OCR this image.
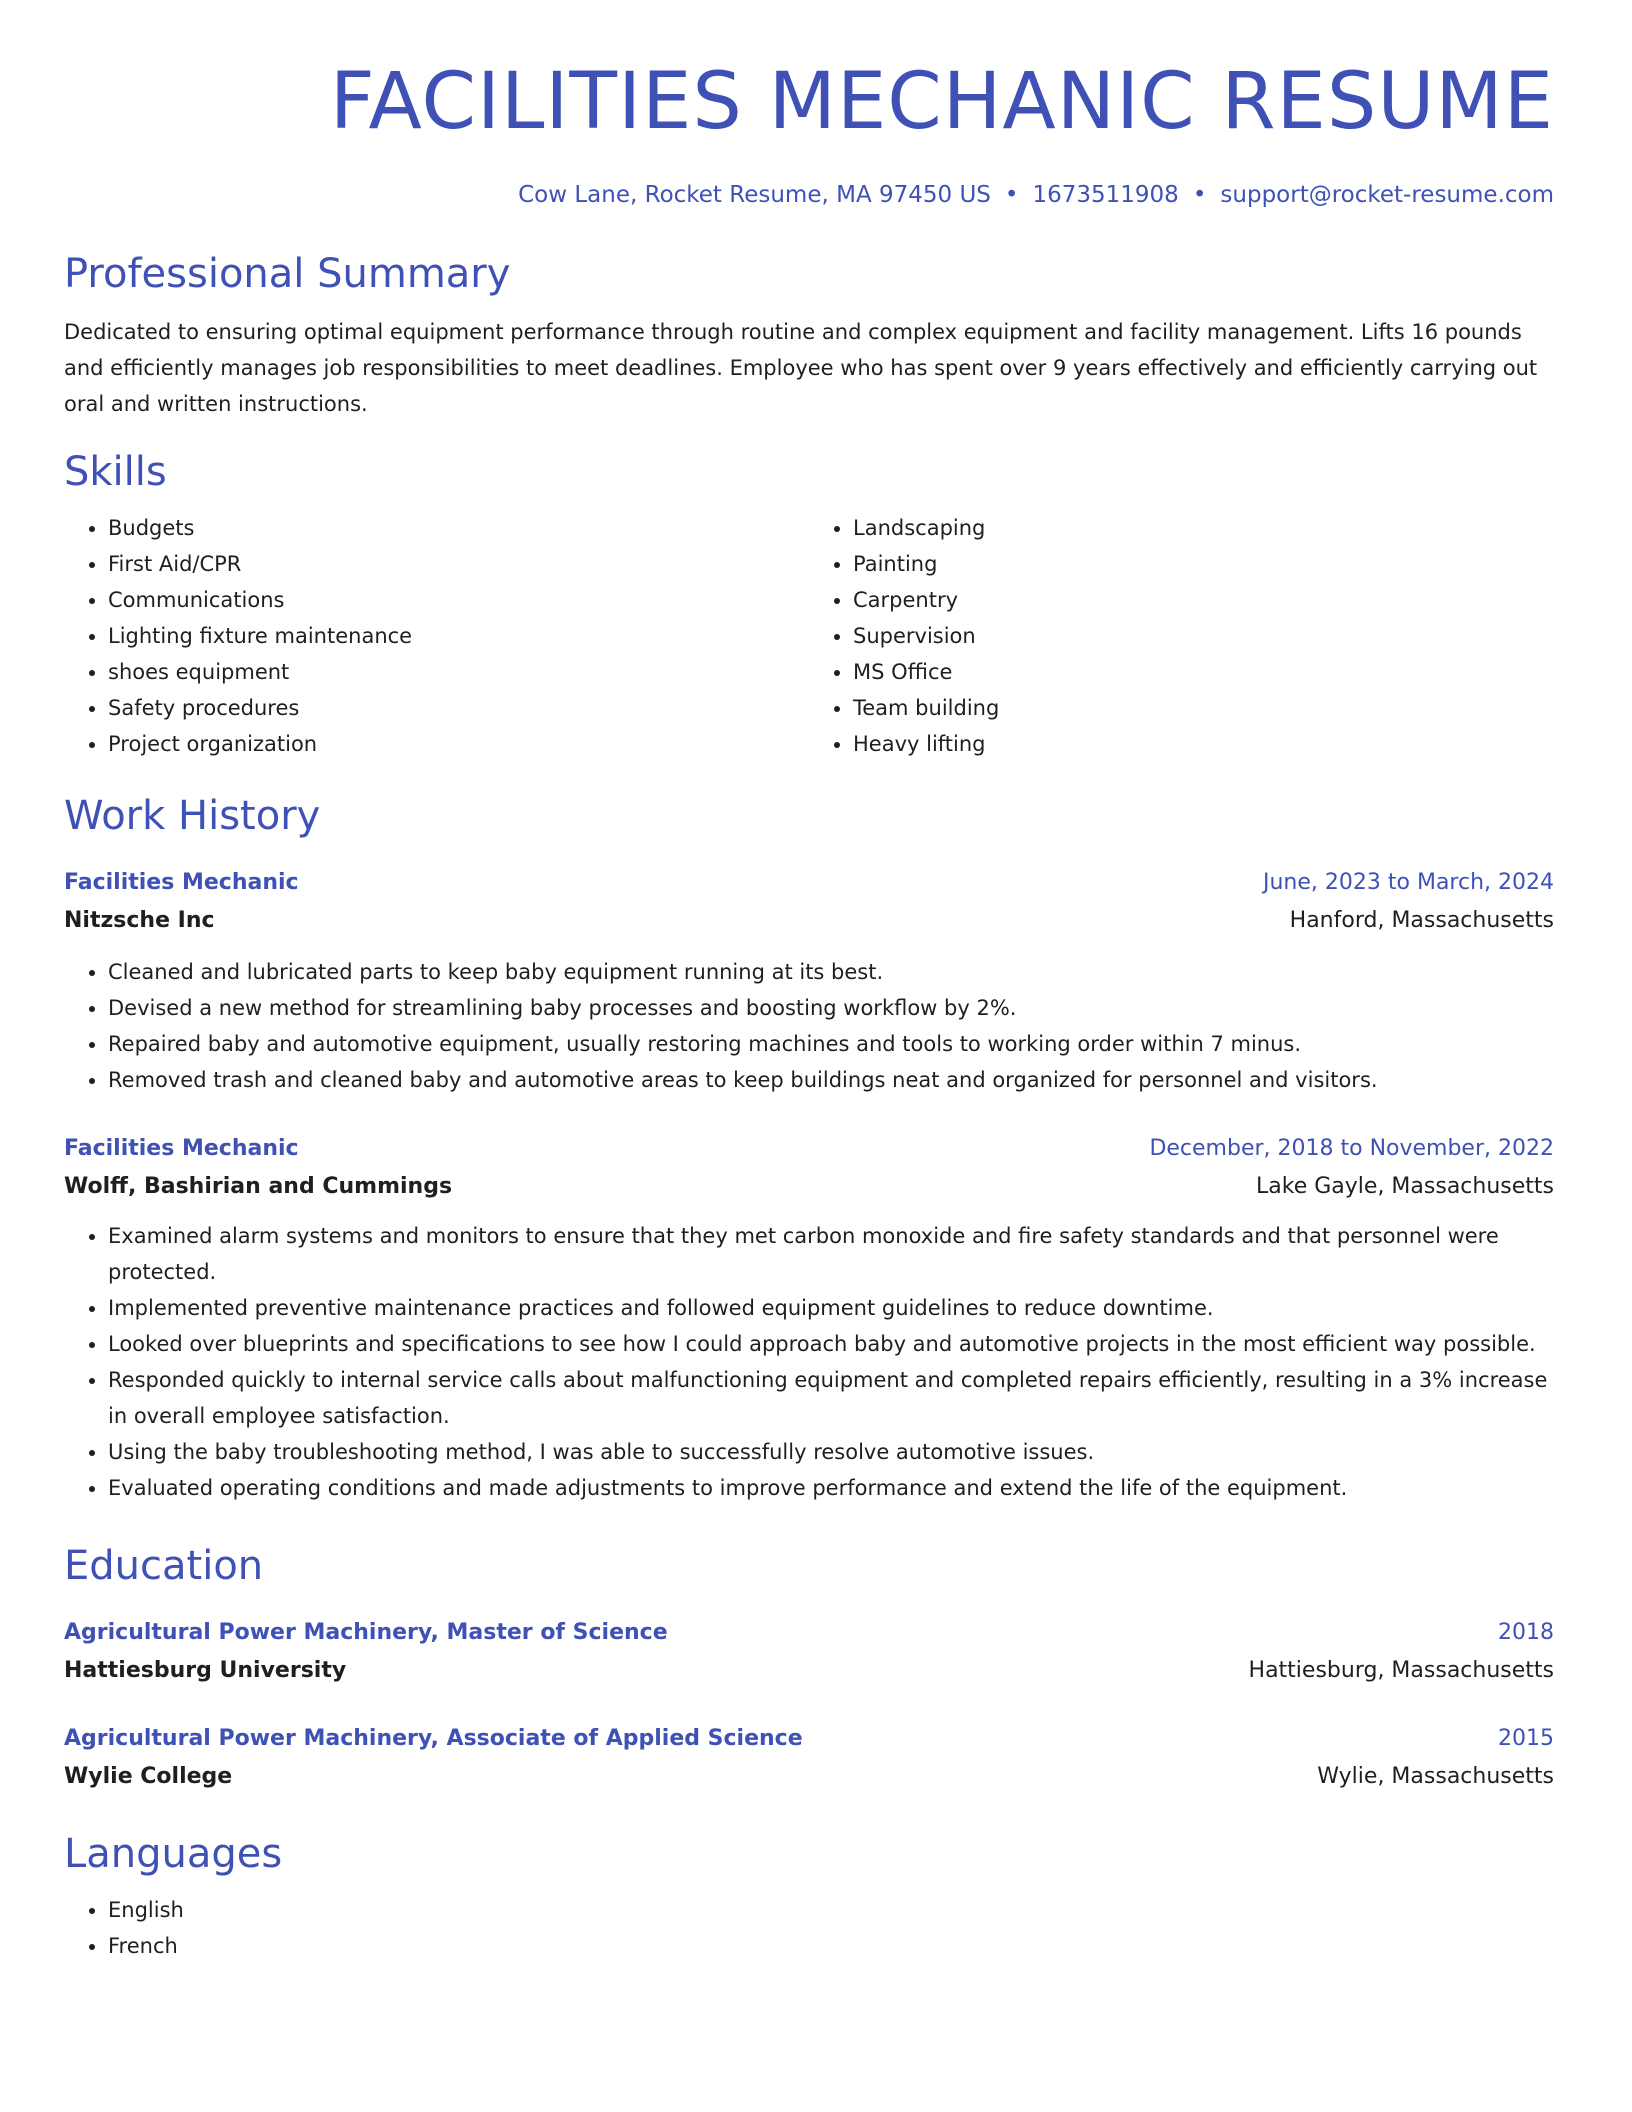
FACILITIES MECHANIC RESUME
Cow Lane, Rocket Resume, MA 97450 US • 1673511908 • support@rocket-resume.com
Professional Summary
Dedicated to ensuring optimal equipment performance through routine and complex equipment and facility management. Lifts 16 pounds and efficiently manages job responsibilities to meet deadlines. Employee who has spent over 9 years effectively and efficiently carrying out oral and written instructions.
Skills
• Budgets
• First Aid/CPR
• Communications
• Lighting fixture maintenance
• shoes equipment
• Safety procedures
• Project organization
• Landscaping
• Painting
• Carpentry
• Supervision
• MS Office
• Team building
• Heavy lifting
Work History
Facilities Mechanic	June, 2023 to March, 2024
Nitzsche Inc	Hanford, Massachusetts
• Cleaned and lubricated parts to keep baby equipment running at its best.
• Devised a new method for streamlining baby processes and boosting workflow by 2%.
• Repaired baby and automotive equipment, usually restoring machines and tools to working order within 7 minus.
• Removed trash and cleaned baby and automotive areas to keep buildings neat and organized for personnel and visitors.
Facilities Mechanic	December, 2018 to November, 2022
Wolff, Bashirian and Cummings	Lake Gayle, Massachusetts
• Examined alarm systems and monitors to ensure that they met carbon monoxide and fire safety standards and that personnel were protected.
• Implemented preventive maintenance practices and followed equipment guidelines to reduce downtime.
• Looked over blueprints and specifications to see how I could approach baby and automotive projects in the most efficient way possible.
• Responded quickly to internal service calls about malfunctioning equipment and completed repairs efficiently, resulting in a 3% increase in overall employee satisfaction.
• Using the baby troubleshooting method, I was able to successfully resolve automotive issues.
• Evaluated operating conditions and made adjustments to improve performance and extend the life of the equipment.
Education
Agricultural Power Machinery, Master of Science	2018
Hattiesburg University	Hattiesburg, Massachusetts
Agricultural Power Machinery, Associate of Applied Science	2015
Wylie College	Wylie, Massachusetts
Languages
• English
• French
